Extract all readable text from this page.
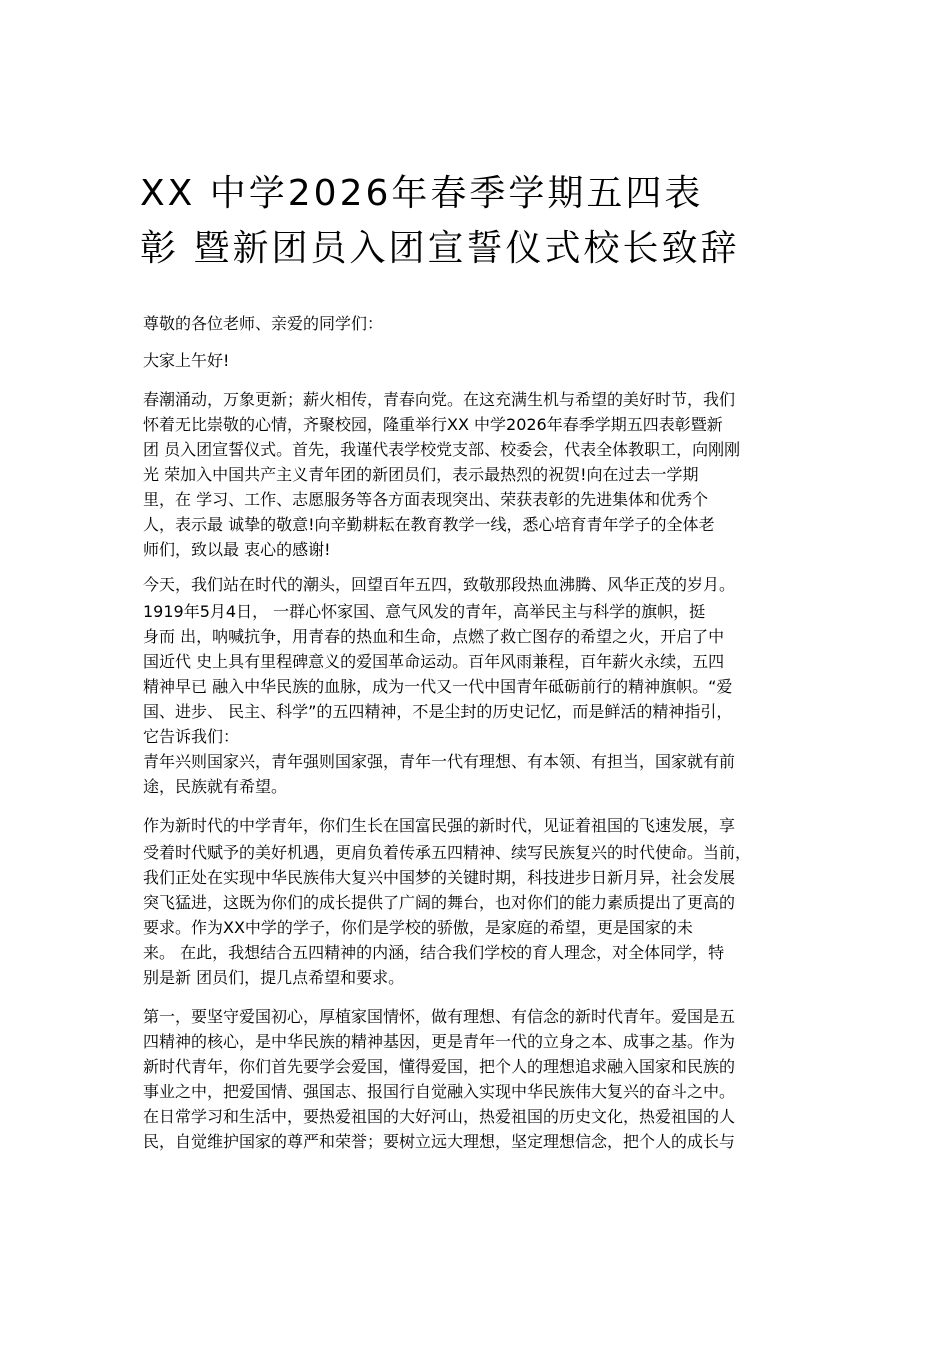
XX 中学2026年春季学期五四表
彰 暨新团员入团宣誓仪式校长致辞

尊敬的各位老师、亲爱的同学们：

大家上午好!

春潮涌动，万象更新；薪火相传，青春向党。在这充满生机与希望的美好时节，我们
怀着无比崇敬的心情，齐聚校园，隆重举行XX 中学2026年春季学期五四表彰暨新
团 员入团宣誓仪式。首先，我谨代表学校党支部、校委会，代表全体教职工，向刚刚
光 荣加入中国共产主义青年团的新团员们，表示最热烈的祝贺!向在过去一学期
里，在 学习、工作、志愿服务等各方面表现突出、荣获表彰的先进集体和优秀个
人，表示最 诚挚的敬意!向辛勤耕耘在教育教学一线，悉心培育青年学子的全体老
师们，致以最 衷心的感谢!
今天，我们站在时代的潮头，回望百年五四，致敬那段热血沸腾、风华正茂的岁月。
1919年5月4日， 一群心怀家国、意气风发的青年，高举民主与科学的旗帜，挺
身而 出，呐喊抗争，用青春的热血和生命，点燃了救亡图存的希望之火，开启了中
国近代 史上具有里程碑意义的爱国革命运动。百年风雨兼程，百年薪火永续，五四
精神早已 融入中华民族的血脉，成为一代又一代中国青年砥砺前行的精神旗帜。“爱
国、进步、 民主、科学”的五四精神，不是尘封的历史记忆，而是鲜活的精神指引，
它告诉我们：
青年兴则国家兴，青年强则国家强，青年一代有理想、有本领、有担当，国家就有前
途，民族就有希望。
作为新时代的中学青年，你们生长在国富民强的新时代，见证着祖国的飞速发展，享
受着时代赋予的美好机遇，更肩负着传承五四精神、续写民族复兴的时代使命。当前，
我们正处在实现中华民族伟大复兴中国梦的关键时期，科技进步日新月异，社会发展
突飞猛进，这既为你们的成长提供了广阔的舞台，也对你们的能力素质提出了更高的
要求。作为XX中学的学子，你们是学校的骄傲，是家庭的希望，更是国家的未
来。 在此，我想结合五四精神的内涵，结合我们学校的育人理念，对全体同学，特
别是新 团员们，提几点希望和要求。
第一，要坚守爱国初心，厚植家国情怀，做有理想、有信念的新时代青年。爱国是五
四精神的核心，是中华民族的精神基因，更是青年一代的立身之本、成事之基。作为
新时代青年，你们首先要学会爱国，懂得爱国，把个人的理想追求融入国家和民族的
事业之中，把爱国情、强国志、报国行自觉融入实现中华民族伟大复兴的奋斗之中。
在日常学习和生活中，要热爱祖国的大好河山，热爱祖国的历史文化，热爱祖国的人
民，自觉维护国家的尊严和荣誉；要树立远大理想，坚定理想信念，把个人的成长与
